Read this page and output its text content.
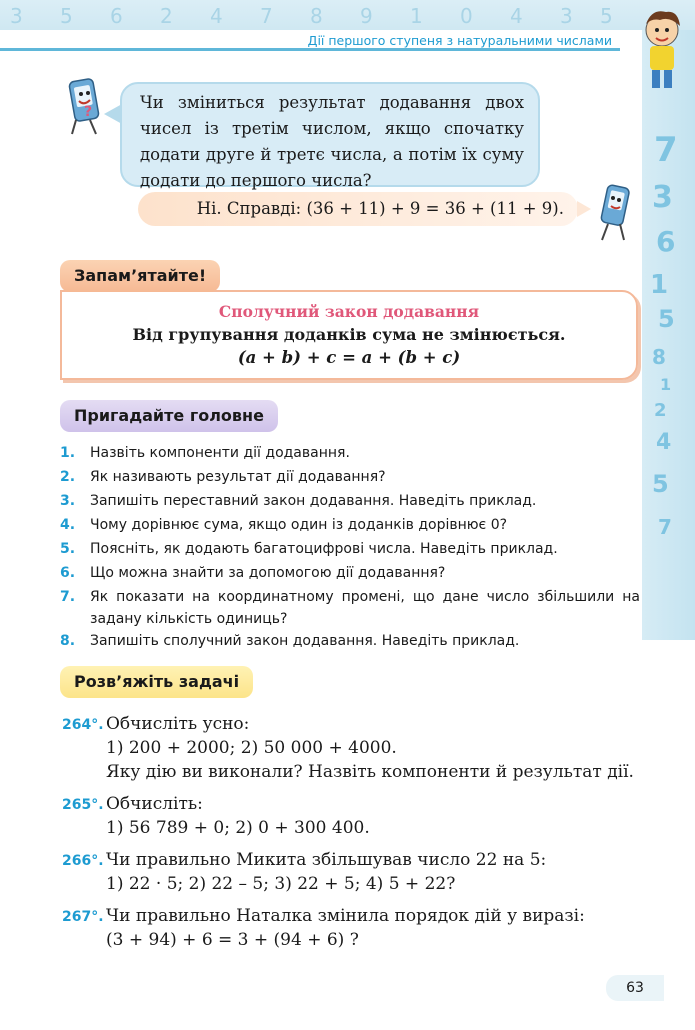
3 5 6 2 4 7 8 9 1 0 4 3 5
Дії першого ступеня з натуральними числами
7
3
6
1
5
8
1
2
4
5
7
?	Чи зміниться результат додавання двох чисел із третім числом, якщо спочатку додати друге й третє числа, а потім їх суму додати до першого числа?
Ні. Справді: (36 + 11) + 9 = 36 + (11 + 9).
Сполучний закон додавання
Від групування доданків сума не змінюється.
(a + b) + c = a + (b + c)
Запам’ятайте!
Пригадайте головне
1.	Назвіть компоненти дії додавання.
2.	Як називають результат дії додавання?
3.	Запишіть переставний закон додавання. Наведіть приклад.
4.	Чому дорівнює сума, якщо один із доданків дорівнює 0?
5.	Поясніть, як додають багатоцифрові числа. Наведіть приклад.
6.	Що можна знайти за допомогою дії додавання?
7.	Як показати на координатному промені, що дане число збільшили на задану кількість одиниць?
8.	Запишіть сполучний закон додавання. Наведіть приклад.
Розв’яжіть задачі
264°. Обчисліть усно:
1) 200 + 2000; 2) 50 000 + 4000.
Яку дію ви виконали? Назвіть компоненти й результат дії.
265°. Обчисліть:
1) 56 789 + 0; 2) 0 + 300 400.
266°. Чи правильно Микита збільшував число 22 на 5:
1) 22 · 5; 2) 22 – 5; 3) 22 + 5; 4) 5 + 22?
267°. Чи правильно Наталка змінила порядок дій у виразі:
(3 + 94) + 6 = 3 + (94 + 6) ?
63
